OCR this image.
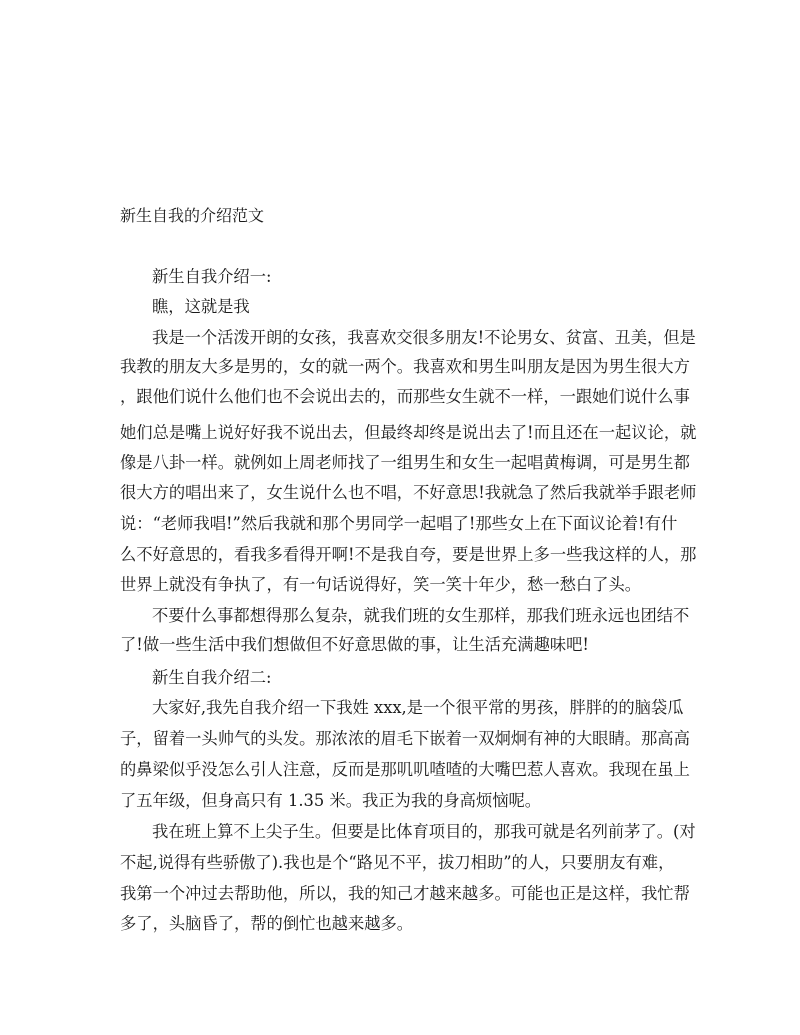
新生自我的介绍范文
新生自我介绍一:
瞧，这就是我
我是一个活泼开朗的女孩，我喜欢交很多朋友!不论男女、贫富、丑美，但是
我教的朋友大多是男的，女的就一两个。我喜欢和男生叫朋友是因为男生很大方
，跟他们说什么他们也不会说出去的，而那些女生就不一样，一跟她们说什么事
她们总是嘴上说好好我不说出去，但最终却终是说出去了!而且还在一起议论，就
像是八卦一样。就例如上周老师找了一组男生和女生一起唱黄梅调，可是男生都
很大方的唱出来了，女生说什么也不唱，不好意思!我就急了然后我就举手跟老师
说：“老师我唱!”然后我就和那个男同学一起唱了!那些女上在下面议论着!有什
么不好意思的，看我多看得开啊!不是我自夸，要是世界上多一些我这样的人，那
世界上就没有争执了，有一句话说得好，笑一笑十年少，愁一愁白了头。
不要什么事都想得那么复杂，就我们班的女生那样，那我们班永远也团结不
了!做一些生活中我们想做但不好意思做的事，让生活充满趣味吧!
新生自我介绍二:
大家好,我先自我介绍一下我姓 xxx,是一个很平常的男孩，胖胖的的脑袋瓜
子，留着一头帅气的头发。那浓浓的眉毛下嵌着一双炯炯有神的大眼睛。那高高
的鼻梁似乎没怎么引人注意，反而是那叽叽喳喳的大嘴巴惹人喜欢。我现在虽上
了五年级，但身高只有 1.35 米。我正为我的身高烦恼呢。
我在班上算不上尖子生。但要是比体育项目的，那我可就是名列前茅了。(对
不起,说得有些骄傲了).我也是个“路见不平，拔刀相助”的人，只要朋友有难，
我第一个冲过去帮助他，所以，我的知己才越来越多。可能也正是这样，我忙帮
多了，头脑昏了，帮的倒忙也越来越多。
